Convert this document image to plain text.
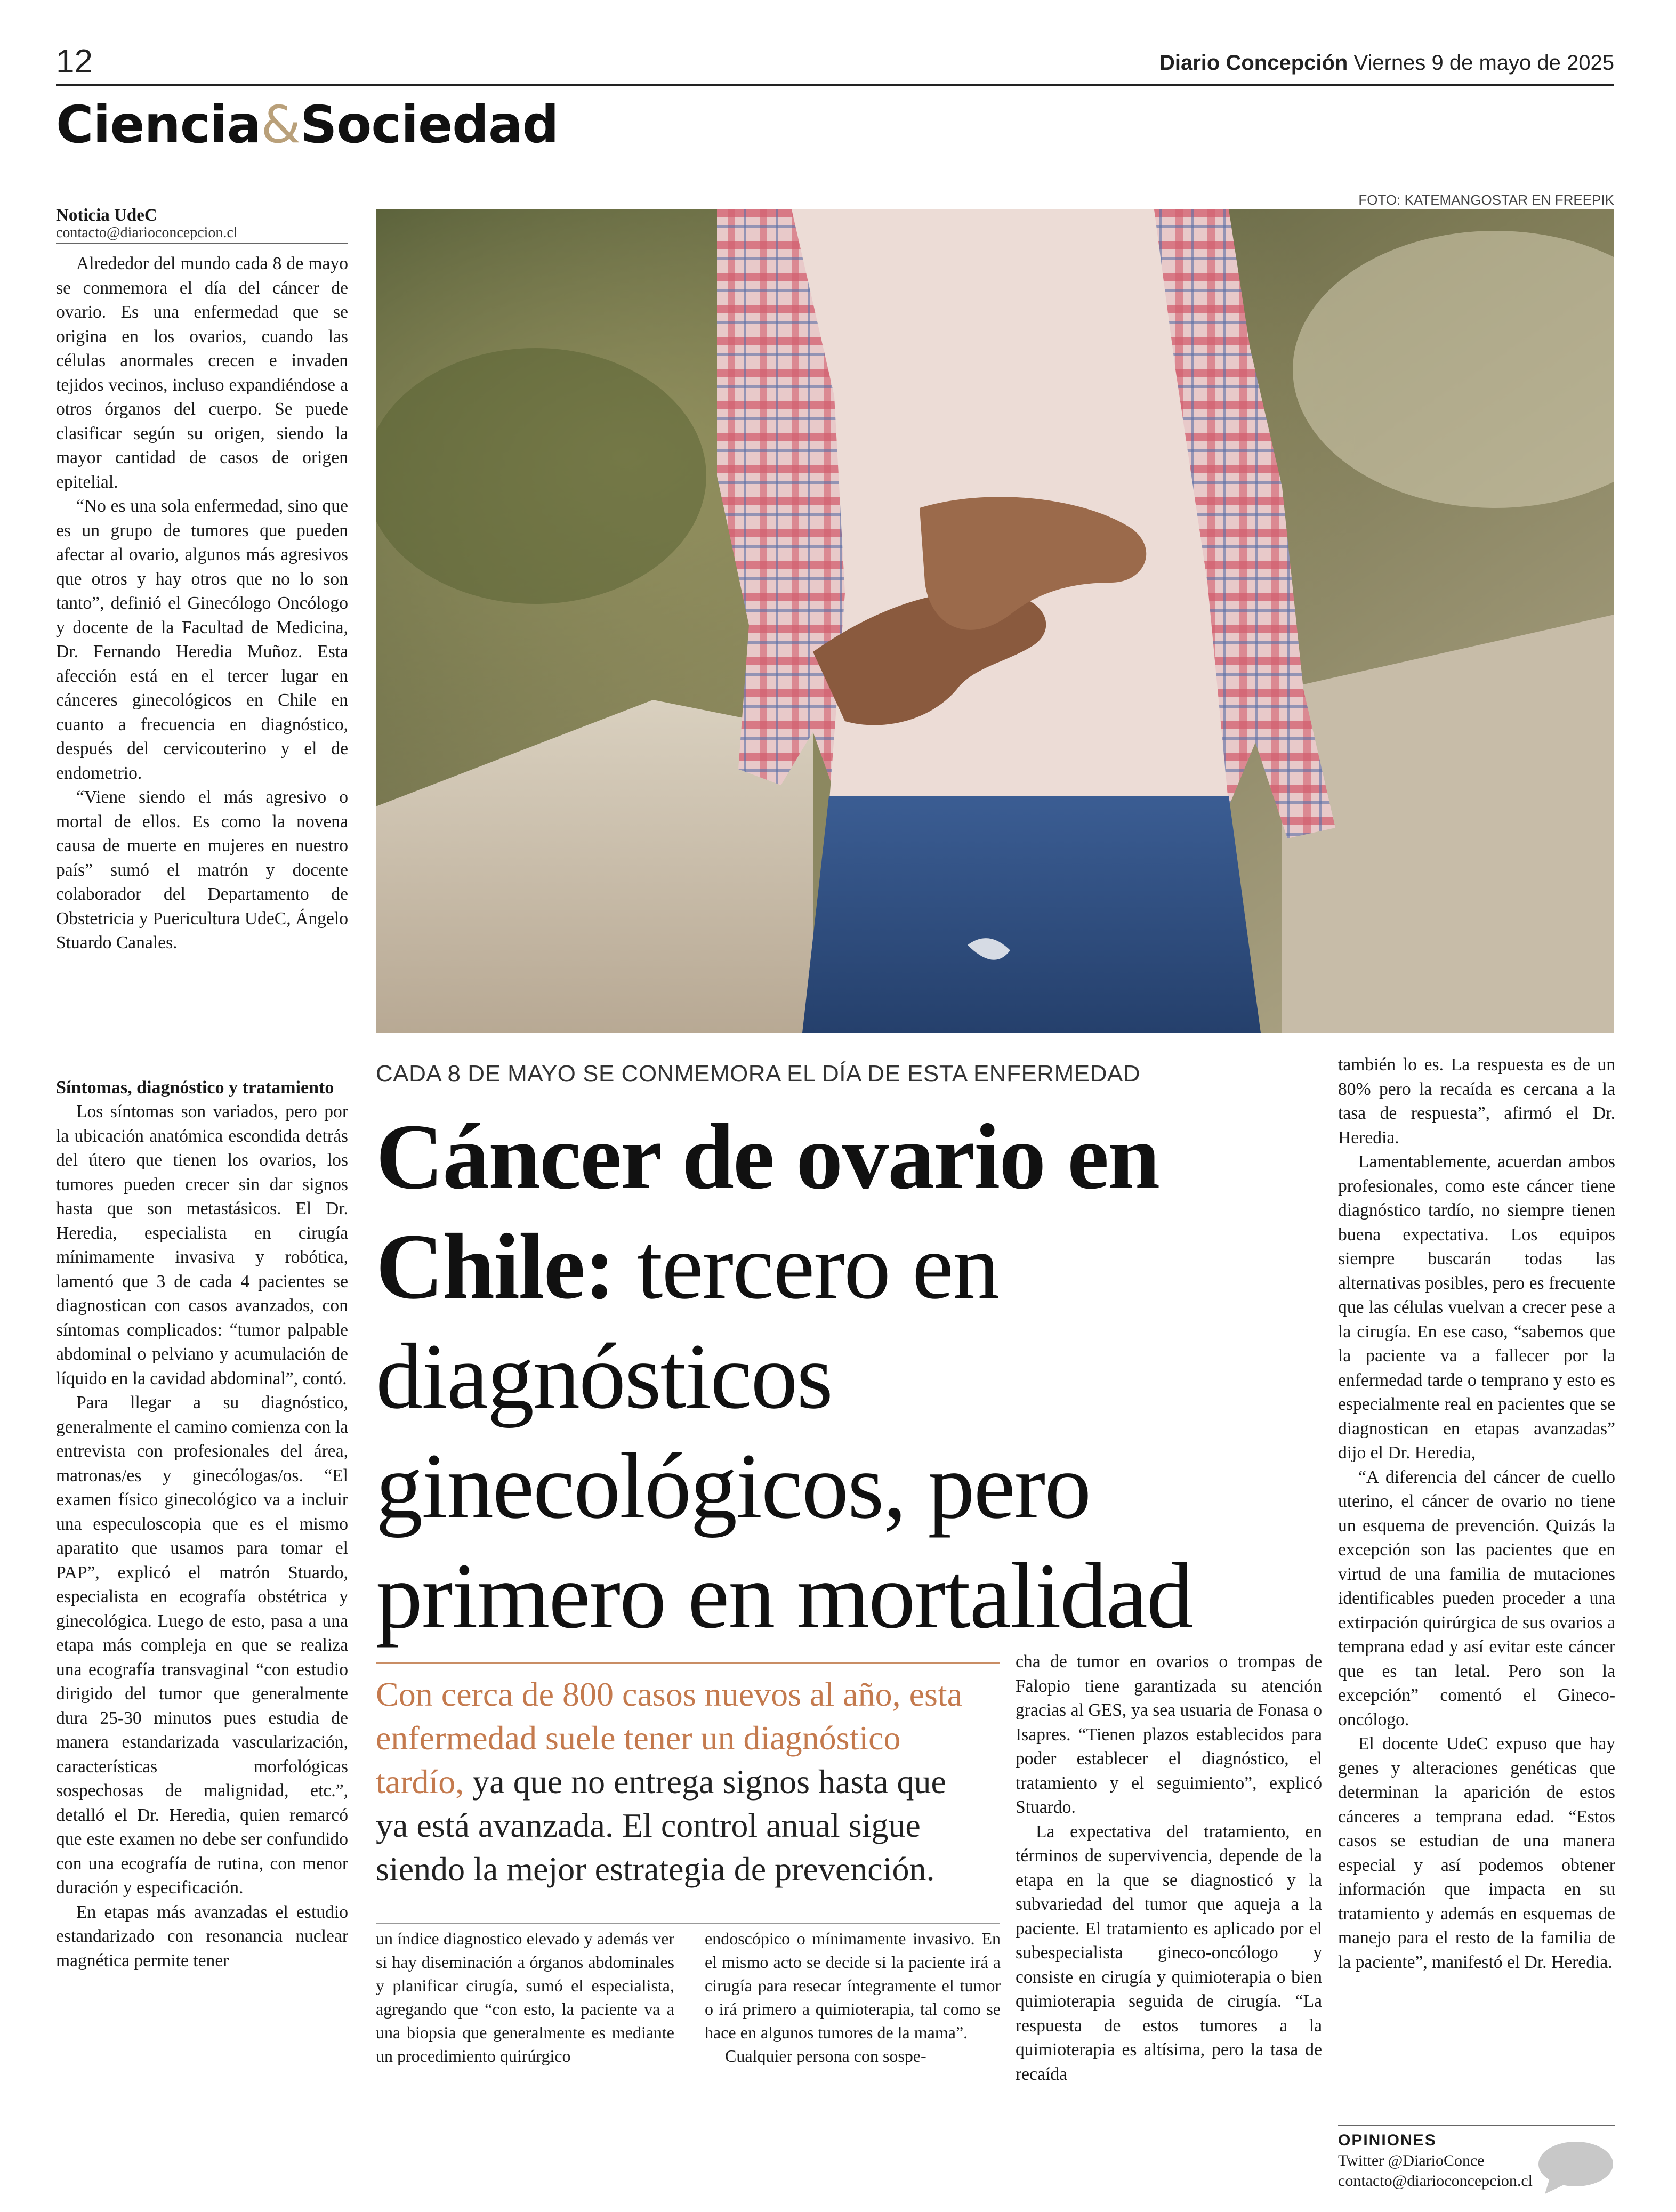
12	Diario Concepción Viernes 9 de mayo de 2025
Ciencia&Sociedad
Noticia UdeC
contacto@diarioconcepcion.cl

Alrededor del mundo cada 8 de mayo se conmemora el día del cáncer de ovario. Es una enfermedad que se origina en los ovarios, cuando las células anormales crecen e invaden tejidos vecinos, incluso expandiéndose a otros órganos del cuerpo. Se puede clasificar según su origen, siendo la mayor cantidad de casos de origen epitelial.

“No es una sola enfermedad, sino que es un grupo de tumores que pueden afectar al ovario, algunos más agresivos que otros y hay otros que no lo son tanto”, definió el Ginecólogo Oncólogo y docente de la Facultad de Medicina, Dr. Fernando Heredia Muñoz. Esta afección está en el tercer lugar en cánceres ginecológicos en Chile en cuanto a frecuencia en diagnóstico, después del cervicouterino y el de endometrio.

“Viene siendo el más agresivo o mortal de ellos. Es como la novena causa de muerte en mujeres en nuestro país” sumó el matrón y docente colaborador del Departamento de Obstetricia y Puericultura UdeC, Ángelo Stuardo Canales.

Síntomas, diagnóstico y tratamiento

Los síntomas son variados, pero por la ubicación anatómica escondida detrás del útero que tienen los ovarios, los tumores pueden crecer sin dar signos hasta que son metastásicos. El Dr. Heredia, especialista en cirugía mínimamente invasiva y robótica, lamentó que 3 de cada 4 pacientes se diagnostican con casos avanzados, con síntomas complicados: “tumor palpable abdominal o pelviano y acumulación de líquido en la cavidad abdominal”, contó.

Para llegar a su diagnóstico, generalmente el camino comienza con la entrevista con profesionales del área, matronas/es y ginecólogas/os. “El examen físico ginecológico va a incluir una especuloscopia que es el mismo aparatito que usamos para tomar el PAP”, explicó el matrón Stuardo, especialista en ecografía obstétrica y ginecológica. Luego de esto, pasa a una etapa más compleja en que se realiza una ecografía transvaginal “con estudio dirigido del tumor que generalmente dura 25-30 minutos pues estudia de manera estandarizada vascularización, características morfológicas sospechosas de malignidad, etc.”, detalló el Dr. Heredia, quien remarcó que este examen no debe ser confundido con una ecografía de rutina, con menor duración y especificación.

En etapas más avanzadas el estudio estandarizado con resonancia nuclear magnética permite tener

FOTO: KATEMANGOSTAR EN FREEPIK
CADA 8 DE MAYO SE CONMEMORA EL DÍA DE ESTA ENFERMEDAD
Cáncer de ovario en Chile: tercero en diagnósticos ginecológicos, pero primero en mortalidad
Con cerca de 800 casos nuevos al año, esta enfermedad suele tener un diagnóstico tardío, ya que no entrega signos hasta que ya está avanzada. El control anual sigue siendo la mejor estrategia de prevención.

un índice diagnostico elevado y además ver si hay diseminación a órganos abdominales y planificar cirugía, sumó el especialista, agregando que “con esto, la paciente va a una biopsia que generalmente es mediante un procedimiento quirúrgico

endoscópico o mínimamente invasivo. En el mismo acto se decide si la paciente irá a cirugía para resecar íntegramente el tumor o irá primero a quimioterapia, tal como se hace en algunos tumores de la mama”.

Cualquier persona con sospe-

cha de tumor en ovarios o trompas de Falopio tiene garantizada su atención gracias al GES, ya sea usuaria de Fonasa o Isapres. “Tienen plazos establecidos para poder establecer el diagnóstico, el tratamiento y el seguimiento”, explicó Stuardo.

La expectativa del tratamiento, en términos de supervivencia, depende de la etapa en la que se diagnosticó y la subvariedad del tumor que aqueja a la paciente. El tratamiento es aplicado por el subespecialista gineco-oncólogo y consiste en cirugía y quimioterapia o bien quimioterapia seguida de cirugía. “La respuesta de estos tumores a la quimioterapia es altísima, pero la tasa de recaída

también lo es. La respuesta es de un 80% pero la recaída es cercana a la tasa de respuesta”, afirmó el Dr. Heredia.

Lamentablemente, acuerdan ambos profesionales, como este cáncer tiene diagnóstico tardío, no siempre tienen buena expectativa. Los equipos siempre buscarán todas las alternativas posibles, pero es frecuente que las células vuelvan a crecer pese a la cirugía. En ese caso, “sabemos que la paciente va a fallecer por la enfermedad tarde o temprano y esto es especialmente real en pacientes que se diagnostican en etapas avanzadas” dijo el Dr. Heredia,

“A diferencia del cáncer de cuello uterino, el cáncer de ovario no tiene un esquema de prevención. Quizás la excepción son las pacientes que en virtud de una familia de mutaciones identificables pueden proceder a una extirpación quirúrgica de sus ovarios a temprana edad y así evitar este cáncer que es tan letal. Pero son la excepción” comentó el Gineco-oncólogo.

El docente UdeC expuso que hay genes y alteraciones genéticas que determinan la aparición de estos cánceres a temprana edad. “Estos casos se estudian de una manera especial y así podemos obtener información que impacta en su tratamiento y además en esquemas de manejo para el resto de la familia de la paciente”, manifestó el Dr. Heredia.

OPINIONES
Twitter @DiarioConce
contacto@diarioconcepcion.cl
